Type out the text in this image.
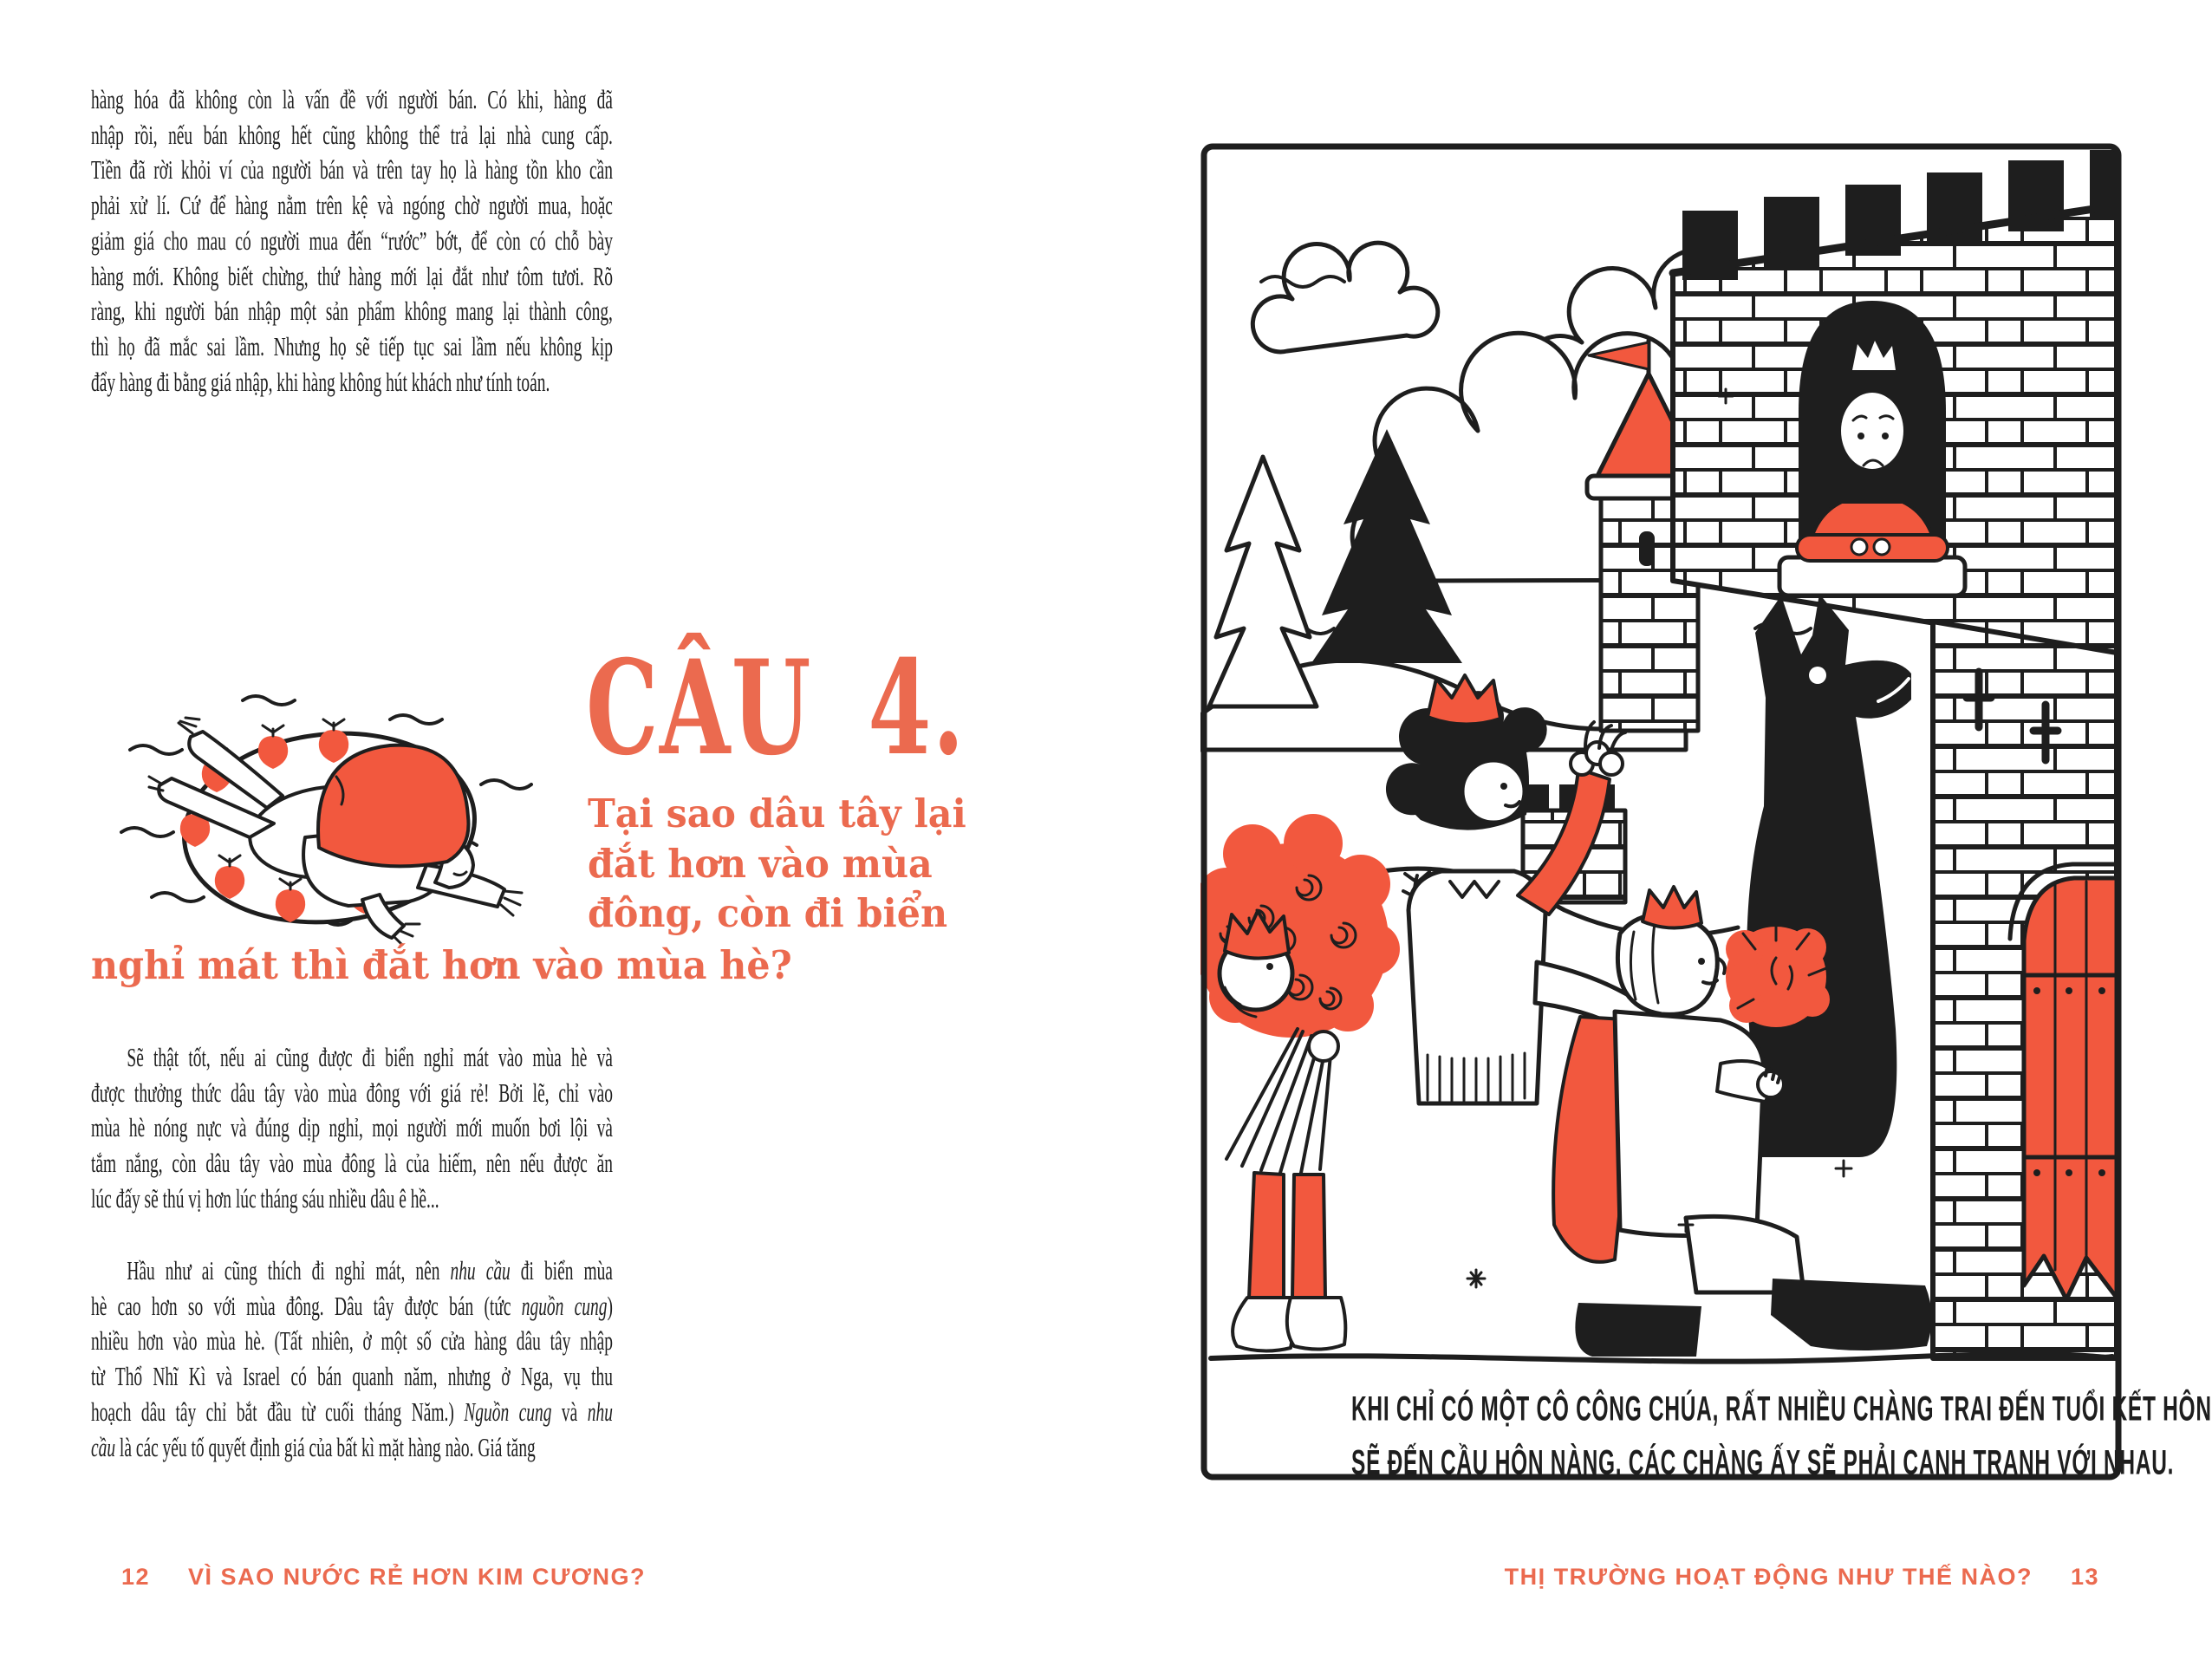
hàng hóa đã không còn là vấn đề với người bán. Có khi, hàng đã
nhập rồi, nếu bán không hết cũng không thể trả lại nhà cung cấp.
Tiền đã rời khỏi ví của người bán và trên tay họ là hàng tồn kho cần
phải xử lí. Cứ để hàng nằm trên kệ và ngóng chờ người mua, hoặc
giảm giá cho mau có người mua đến “rước” bớt, để còn có chỗ bày
hàng mới. Không biết chừng, thứ hàng mới lại đắt như tôm tươi. Rõ
ràng, khi người bán nhập một sản phẩm không mang lại thành công,
thì họ đã mắc sai lầm. Nhưng họ sẽ tiếp tục sai lầm nếu không kịp
đẩy hàng đi bằng giá nhập, khi hàng không hút khách như tính toán.
CÂU 4.
Tại sao dâu tây lại
đắt hơn vào mùa
đông, còn đi biển
nghỉ mát thì đắt hơn vào mùa hè?
Sẽ thật tốt, nếu ai cũng được đi biển nghỉ mát vào mùa hè và
được thưởng thức dâu tây vào mùa đông với giá rẻ! Bởi lẽ, chỉ vào
mùa hè nóng nực và đúng dịp nghỉ, mọi người mới muốn bơi lội và
tắm nắng, còn dâu tây vào mùa đông là của hiếm, nên nếu được ăn
lúc đấy sẽ thú vị hơn lúc tháng sáu nhiều dâu ê hề...
Hầu như ai cũng thích đi nghỉ mát, nên nhu cầu đi biển mùa
hè cao hơn so với mùa đông. Dâu tây được bán (tức nguồn cung)
nhiều hơn vào mùa hè. (Tất nhiên, ở một số cửa hàng dâu tây nhập
từ Thổ Nhĩ Kì và Israel có bán quanh năm, nhưng ở Nga, vụ thu
hoạch dâu tây chỉ bắt đầu từ cuối tháng Năm.) Nguồn cung và nhu
cầu là các yếu tố quyết định giá của bất kì mặt hàng nào. Giá tăng
12 VÌ SAO NƯỚC RẺ HƠN KIM CƯƠNG?
KHI CHỈ CÓ MỘT CÔ CÔNG CHÚA, RẤT NHIỀU CHÀNG TRAI ĐẾN TUỔI KẾT HÔN
SẼ ĐẾN CẦU HÔN NÀNG. CÁC CHÀNG ẤY SẼ PHẢI CẠNH TRANH VỚI NHAU.
THỊ TRƯỜNG HOẠT ĐỘNG NHƯ THẾ NÀO? 13
